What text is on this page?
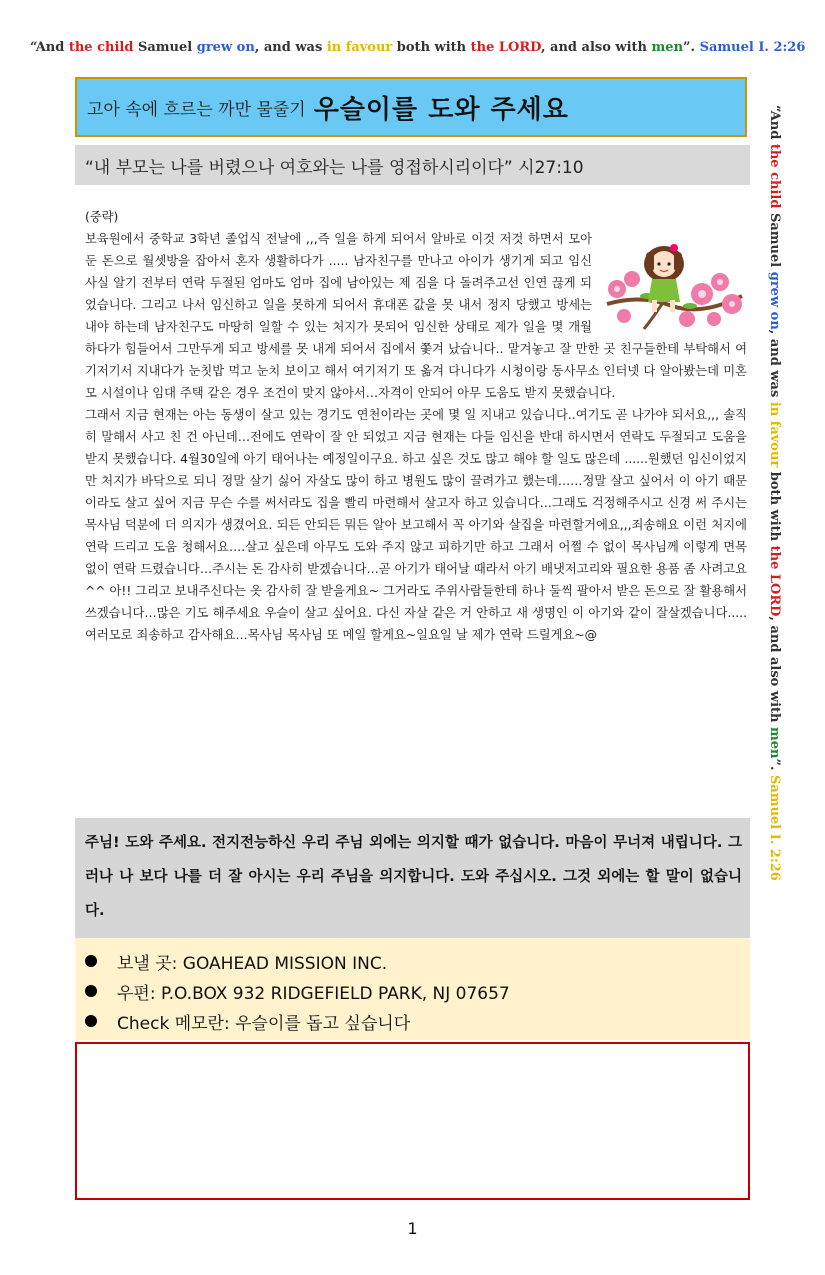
“And the child Samuel grew on, and was in favour both with the LORD, and also with men”. Samuel I. 2:26
“And the child Samuel grew on, and was in favour both with the LORD, and also with men”. Samuel I. 2:26
고아 속에 흐르는 까만 물줄기 우슬이를 도와 주세요
“내 부모는 나를 버렸으나 여호와는 나를 영접하시리이다” 시27:10

(중략)

보육원에서 중학교 3학년 졸업식 전날에 ,,,즉 일을 하게 되어서 알바로 이것 저것 하면서 모아둔 돈으로 월셋방을 잡아서 혼자 생활하다가 ..... 남자친구를 만나고 아이가 생기게 되고 임신 사실 알기 전부터 연락 두절된 엄마도 엄마 집에 남아있는 제 짐을 다 돌려주고선 인연 끊게 되었습니다. 그리고 나서 임신하고 일을 못하게 되어서 휴대폰 값을 못 내서 정지 당했고 방세는 내야 하는데 남자친구도 마땅히 일할 수 있는 처지가 못되어 임신한 상태로 제가 일을 몇 개월 하다가 힘들어서 그만두게 되고 방세를 못 내게 되어서 집에서 쫓겨 났습니다.. 맡겨놓고 잘 만한 곳 친구들한테 부탁해서 여기저기서 지내다가 눈칫밥 먹고 눈치 보이고 해서 여기저기 또 옮겨 다니다가 시청이랑 동사무소 인터넷 다 알아봤는데 미혼모 시설이나 임대 주택 같은 경우 조건이 맞지 않아서…자격이 안되어 아무 도움도 받지 못했습니다.

그래서 지금 현재는 아는 동생이 살고 있는 경기도 연천이라는 곳에 몇 일 지내고 있습니다..여기도 곧 나가야 되서요,,, 솔직히 말해서 사고 친 건 아닌데…전에도 연락이 잘 안 되었고 지금 현재는 다들 임신을 반대 하시면서 연락도 두절되고 도움을 받지 못했습니다. 4월30일에 아기 태어나는 예정일이구요. 하고 싶은 것도 많고 해야 할 일도 많은데 ......원했던 임신이었지만 처지가 바닥으로 되니 정말 살기 싫어 자살도 많이 하고 병원도 많이 끌려가고 했는데……정말 살고 싶어서 이 아기 때문이라도 살고 싶어 지금 무슨 수를 써서라도 집을 빨리 마련해서 살고자 하고 있습니다…그래도 걱정해주시고 신경 써 주시는 목사님 덕분에 더 의지가 생겼어요. 되든 안되든 뭐든 알아 보고해서 꼭 아기와 살집을 마련할거에요,,,죄송해요 이런 처지에 연락 드리고 도움 청해서요….살고 싶은데 아무도 도와 주지 않고 피하기만 하고 그래서 어쩔 수 없이 목사님께 이렇게 면목없이 연락 드렸습니다…주시는 돈 감사히 받겠습니다…곧 아기가 태어날 때라서 아기 배냇저고리와 필요한 용품 좀 사려고요^^ 아!! 그리고 보내주신다는 옷 감사히 잘 받을게요~ 그거라도 주위사람들한테 하나 둘씩 팔아서 받은 돈으로 잘 활용해서 쓰겠습니다…많은 기도 해주세요 우슬이 살고 싶어요. 다신 자살 같은 거 안하고 새 생명인 이 아기와 같이 잘살겠습니다.....여러모로 죄송하고 감사해요…목사님 목사님 또 메일 할게요~일요일 날 제가 연락 드릴게요~@

주님! 도와 주세요. 전지전능하신 우리 주님 외에는 의지할 때가 없습니다. 마음이 무너져 내립니다. 그러나 나 보다 나를 더 잘 아시는 우리 주님을 의지합니다. 도와 주십시오. 그것 외에는 할 말이 없습니다.
보낼 곳: GOAHEAD MISSION INC.
우편: P.O.BOX 932 RIDGEFIELD PARK, NJ 07657
Check 메모란: 우슬이를 돕고 싶습니다
1
